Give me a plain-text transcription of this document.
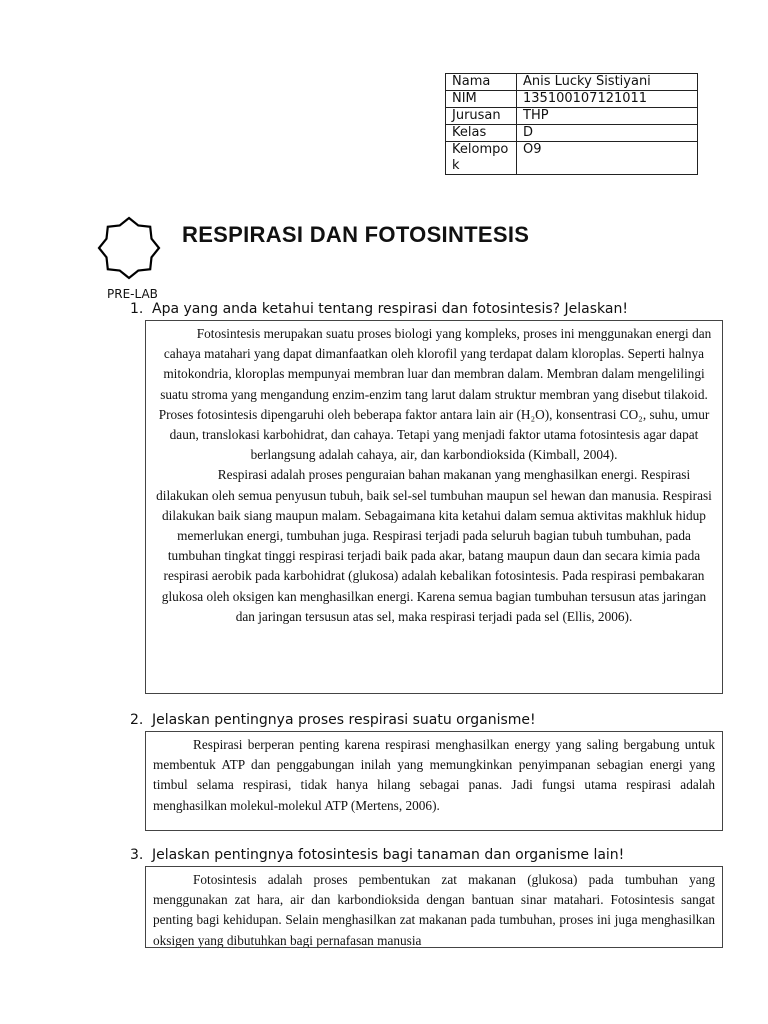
Nama	Anis Lucky Sistiyani
NIM	135100107121011
Jurusan	THP
Kelas	D
Kelompok	O9
RESPIRASI DAN FOTOSINTESIS
PRE-LAB
1. Apa yang anda ketahui tentang respirasi dan fotosintesis? Jelaskan!

Fotosintesis merupakan suatu proses biologi yang kompleks, proses ini menggunakan energi dan cahaya matahari yang dapat dimanfaatkan oleh klorofil yang terdapat dalam kloroplas. Seperti halnya mitokondria, kloroplas mempunyai membran luar dan membran dalam. Membran dalam mengelilingi suatu stroma yang mengandung enzim-enzim tang larut dalam struktur membran yang disebut tilakoid. Proses fotosintesis dipengaruhi oleh beberapa faktor antara lain air (H₂O), konsentrasi CO₂, suhu, umur daun, translokasi karbohidrat, dan cahaya. Tetapi yang menjadi faktor utama fotosintesis agar dapat berlangsung adalah cahaya, air, dan karbondioksida (Kimball, 2004).

Respirasi adalah proses penguraian bahan makanan yang menghasilkan energi. Respirasi dilakukan oleh semua penyusun tubuh, baik sel-sel tumbuhan maupun sel hewan dan manusia. Respirasi dilakukan baik siang maupun malam. Sebagaimana kita ketahui dalam semua aktivitas makhluk hidup memerlukan energi, tumbuhan juga. Respirasi terjadi pada seluruh bagian tubuh tumbuhan, pada tumbuhan tingkat tinggi respirasi terjadi baik pada akar, batang maupun daun dan secara kimia pada respirasi aerobik pada karbohidrat (glukosa) adalah kebalikan fotosintesis. Pada respirasi pembakaran glukosa oleh oksigen kan menghasilkan energi. Karena semua bagian tumbuhan tersusun atas jaringan dan jaringan tersusun atas sel, maka respirasi terjadi pada sel (Ellis, 2006).

2. Jelaskan pentingnya proses respirasi suatu organisme!

Respirasi berperan penting karena respirasi menghasilkan energy yang saling bergabung untuk membentuk ATP dan penggabungan inilah yang memungkinkan penyimpanan sebagian energi yang timbul selama respirasi, tidak hanya hilang sebagai panas. Jadi fungsi utama respirasi adalah menghasilkan molekul-molekul ATP (Mertens, 2006).

3. Jelaskan pentingnya fotosintesis bagi tanaman dan organisme lain!

Fotosintesis adalah proses pembentukan zat makanan (glukosa) pada tumbuhan yang menggunakan zat hara, air dan karbondioksida dengan bantuan sinar matahari. Fotosintesis sangat penting bagi kehidupan. Selain menghasilkan zat makanan pada tumbuhan, proses ini juga menghasilkan oksigen yang dibutuhkan bagi pernafasan manusia
